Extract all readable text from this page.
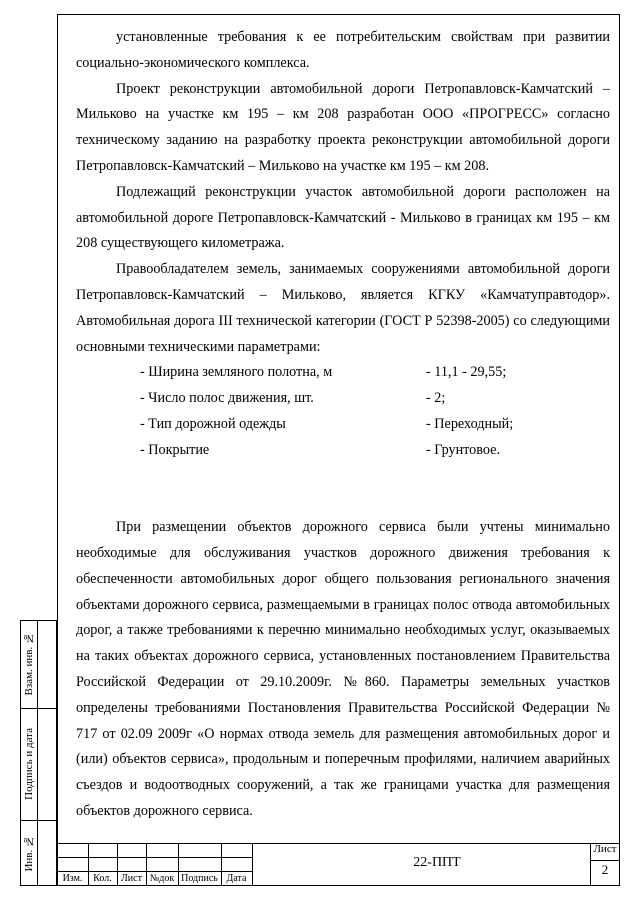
установленные требования к ее потребительским свойствам при развитии социально-экономического комплекса.

Проект реконструкции автомобильной дороги Петропавловск-Камчатский – Мильково на участке км 195 – км 208 разработан ООО «ПРОГРЕСС» согласно техническому заданию на разработку проекта реконструкции автомобильной дороги Петропавловск-Камчатский – Мильково на участке км 195 – км 208.

Подлежащий реконструкции участок автомобильной дороги расположен на автомобильной дороге Петропавловск-Камчатский - Мильково в границах км 195 – км 208 существующего километража.

Правообладателем земель, занимаемых сооружениями автомобильной дороги Петропавловск-Камчатский – Мильково, является КГКУ «Камчатуправтодор». Автомобильная дорога III технической категории (ГОСТ Р 52398-2005) со следующими основными техническими параметрами:

- Ширина земляного полотна, м	- 11,1 - 29,55;
- Число полос движения, шт.	- 2;
- Тип дорожной одежды	- Переходный;
- Покрытие	- Грунтовое.

При размещении объектов дорожного сервиса были учтены минимально необходимые для обслуживания участков дорожного движения требования к обеспеченности автомобильных дорог общего пользования регионального значения объектами дорожного сервиса, размещаемыми в границах полос отвода автомобильных дорог, а также требованиями к перечню минимально необходимых услуг, оказываемых на таких объектах дорожного сервиса, установленных постановлением Правительства Российской Федерации от 29.10.2009г. №860. Параметры земельных участков определены требованиями Постановления Правительства Российской Федерации № 717 от 02.09 2009г «О нормах отвода земель для размещения автомобильных дорог и (или) объектов сервиса», продольным и поперечным профилями, наличием аварийных съездов и водоотводных сооружений, а так же границами участка для размещения объектов дорожного сервиса.

Взам. инв. №
Подпись и дата
Инв. №
Изм.	Кол. Лист №док Подпись Дата
22-ППТ
Лист
2
